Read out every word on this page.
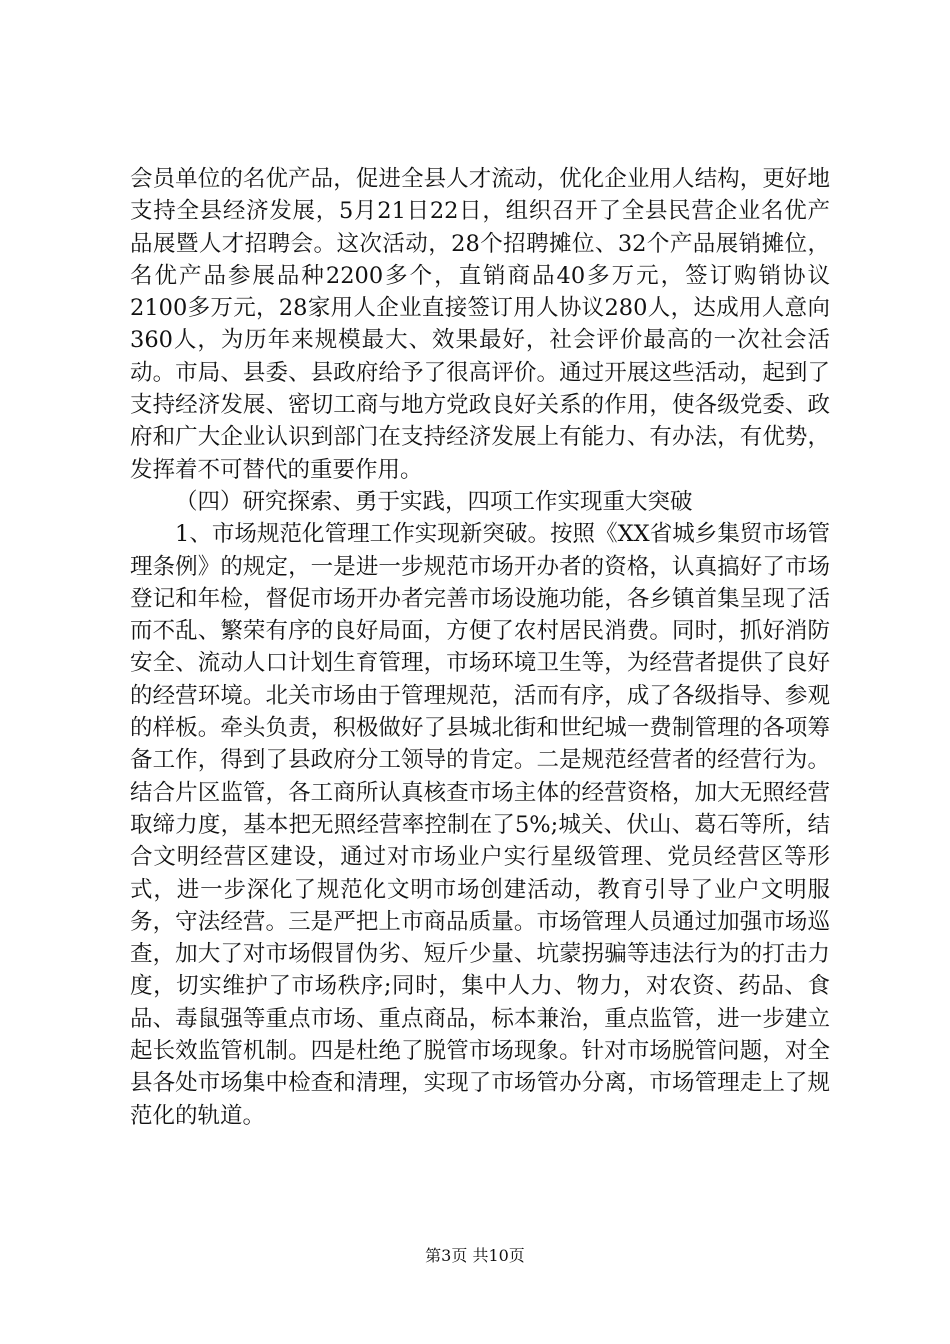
会员单位的名优产品，促进全县人才流动，优化企业用人结构，更好地支持全县经济发展，5月21日22日，组织召开了全县民营企业名优产品展暨人才招聘会。这次活动，28个招聘摊位、32个产品展销摊位，名优产品参展品种2200多个，直销商品40多万元，签订购销协议2100多万元，28家用人企业直接签订用人协议280人，达成用人意向360人，为历年来规模最大、效果最好，社会评价最高的一次社会活动。市局、县委、县政府给予了很高评价。通过开展这些活动，起到了支持经济发展、密切工商与地方党政良好关系的作用，使各级党委、政府和广大企业认识到部门在支持经济发展上有能力、有办法，有优势，发挥着不可替代的重要作用。

（四）研究探索、勇于实践，四项工作实现重大突破

1、市场规范化管理工作实现新突破。按照《XX省城乡集贸市场管理条例》的规定，一是进一步规范市场开办者的资格，认真搞好了市场登记和年检，督促市场开办者完善市场设施功能，各乡镇首集呈现了活而不乱、繁荣有序的良好局面，方便了农村居民消费。同时，抓好消防安全、流动人口计划生育管理，市场环境卫生等，为经营者提供了良好的经营环境。北关市场由于管理规范，活而有序，成了各级指导、参观的样板。牵头负责，积极做好了县城北街和世纪城一费制管理的各项筹备工作，得到了县政府分工领导的肯定。二是规范经营者的经营行为。结合片区监管，各工商所认真核查市场主体的经营资格，加大无照经营取缔力度，基本把无照经营率控制在了5%;城关、伏山、葛石等所，结合文明经营区建设，通过对市场业户实行星级管理、党员经营区等形式，进一步深化了规范化文明市场创建活动，教育引导了业户文明服务，守法经营。三是严把上市商品质量。市场管理人员通过加强市场巡查，加大了对市场假冒伪劣、短斤少量、坑蒙拐骗等违法行为的打击力度，切实维护了市场秩序;同时，集中人力、物力，对农资、药品、食品、毒鼠强等重点市场、重点商品，标本兼治，重点监管，进一步建立起长效监管机制。四是杜绝了脱管市场现象。针对市场脱管问题，对全县各处市场集中检查和清理，实现了市场管办分离，市场管理走上了规范化的轨道。

第3页 共10页
